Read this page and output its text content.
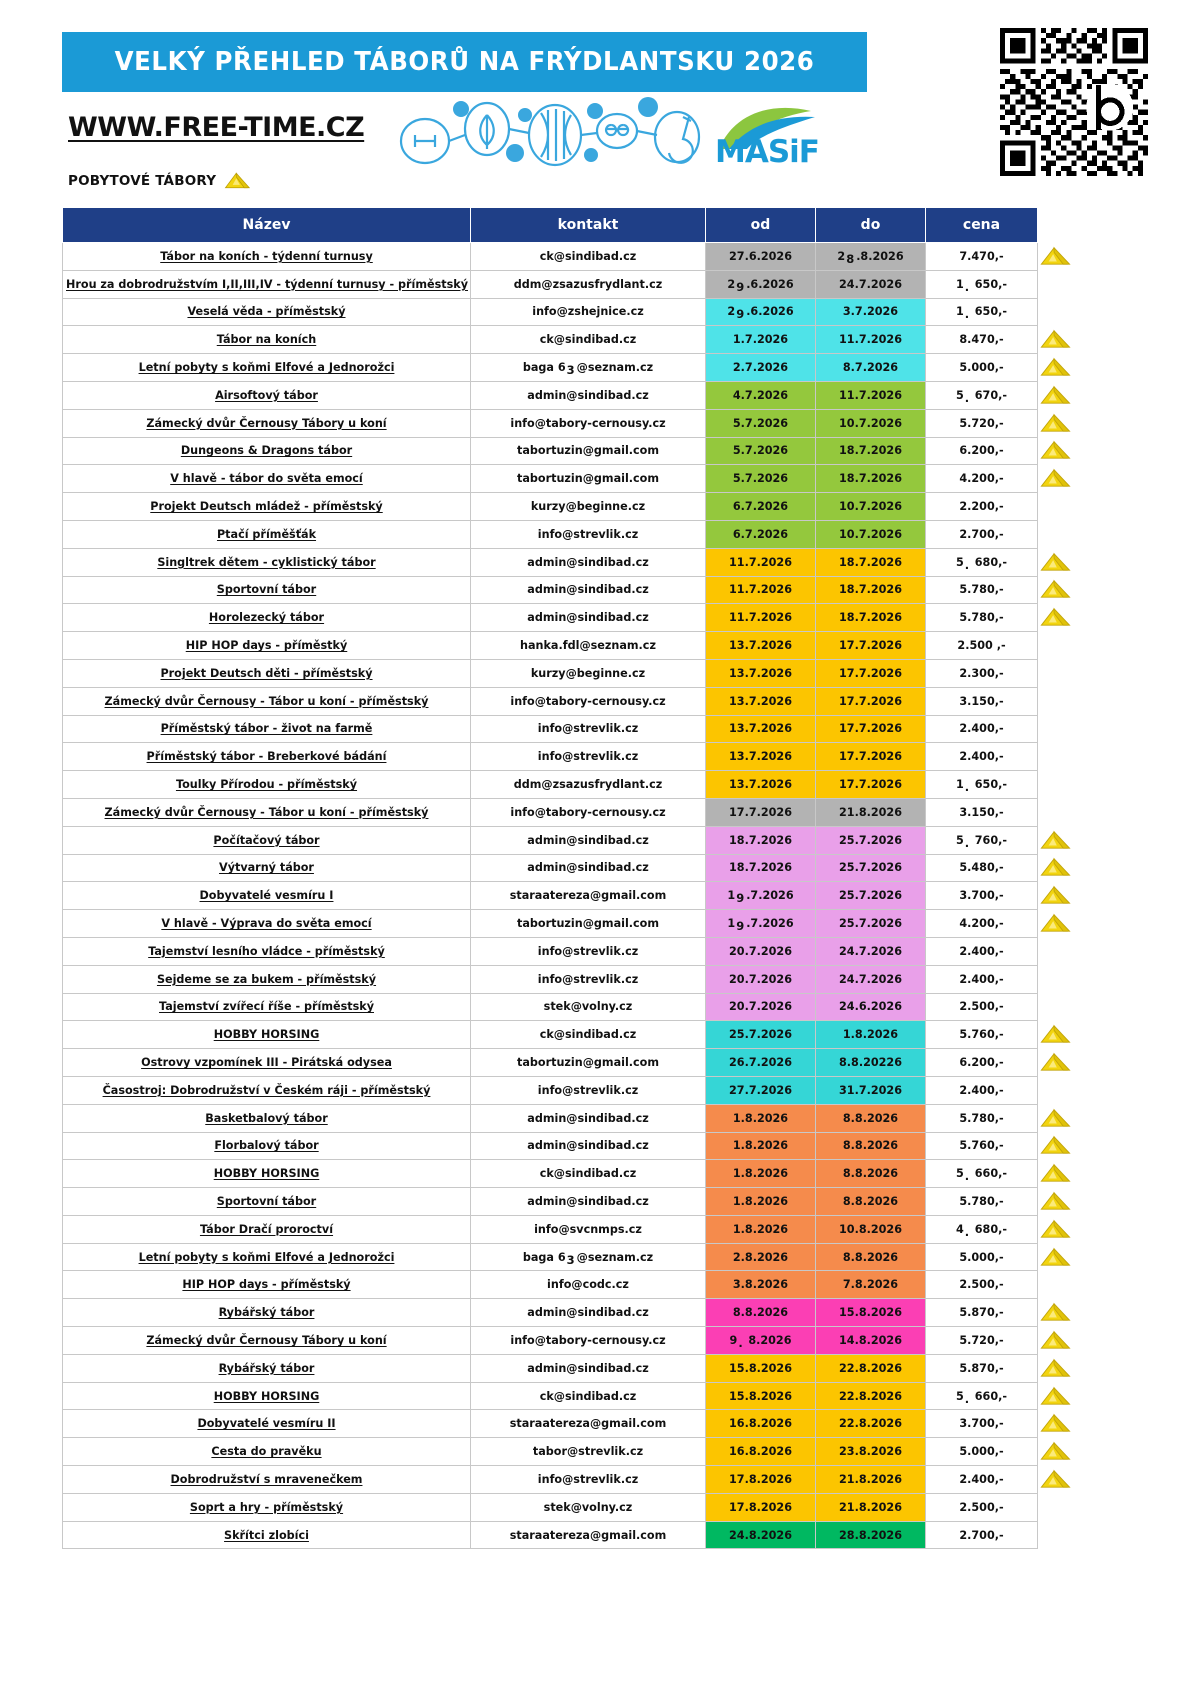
VELKÝ PŘEHLED TÁBORŮ NA FRÝDLANTSKU 2026
WWW.FREE-TIME.CZ
MASiF
POBYTOVÉ TÁBORY
Název	kontakt	od	do	cena
Tábor na koních - týdenní turnusy	ck@sindibad.cz	27.6.2026	2 8 .8.2026	7.470,-
Hrou za dobrodružstvím I,II,III,IV - týdenní turnusy - příměstský	ddm@zsazusfrydlant.cz	2 9 .6.2026	24.7.2026	1 . 650,-
Veselá věda - příměstský	info@zshejnice.cz	2 9 .6.2026	3.7.2026	1 . 650,-
Tábor na koních	ck@sindibad.cz	1.7.2026	11.7.2026	8.470,-
Letní pobyty s koňmi Elfové a Jednorožci	baga 6 3 @seznam.cz	2.7.2026	8.7.2026	5.000,-
Airsoftový tábor	admin@sindibad.cz	4.7.2026	11.7.2026	5 . 670,-
Zámecký dvůr Černousy Tábory u koní	info@tabory-cernousy.cz	5.7.2026	10.7.2026	5.720,-
Dungeons & Dragons tábor	tabortuzin@gmail.com	5.7.2026	18.7.2026	6.200,-
V hlavě - tábor do světa emocí	tabortuzin@gmail.com	5.7.2026	18.7.2026	4.200,-
Projekt Deutsch mládež - příměstský	kurzy@beginne.cz	6.7.2026	10.7.2026	2.200,-
Ptačí příměšťák	info@strevlik.cz	6.7.2026	10.7.2026	2.700,-
Singltrek dětem - cyklistický tábor	admin@sindibad.cz	11.7.2026	18.7.2026	5 . 680,-
Sportovní tábor	admin@sindibad.cz	11.7.2026	18.7.2026	5.780,-
Horolezecký tábor	admin@sindibad.cz	11.7.2026	18.7.2026	5.780,-
HIP HOP days - příměstký	hanka.fdl@seznam.cz	13.7.2026	17.7.2026	2.500 ,-
Projekt Deutsch děti - příměstský	kurzy@beginne.cz	13.7.2026	17.7.2026	2.300,-
Zámecký dvůr Černousy - Tábor u koní - příměstský	info@tabory-cernousy.cz	13.7.2026	17.7.2026	3.150,-
Příměstský tábor - život na farmě	info@strevlik.cz	13.7.2026	17.7.2026	2.400,-
Příměstský tábor - Breberkové bádání	info@strevlik.cz	13.7.2026	17.7.2026	2.400,-
Toulky Přírodou - příměstský	ddm@zsazusfrydlant.cz	13.7.2026	17.7.2026	1 . 650,-
Zámecký dvůr Černousy - Tábor u koní - příměstský	info@tabory-cernousy.cz	17.7.2026	21.8.2026	3.150,-
Počítačový tábor	admin@sindibad.cz	18.7.2026	25.7.2026	5 . 760,-
Výtvarný tábor	admin@sindibad.cz	18.7.2026	25.7.2026	5.480,-
Dobyvatelé vesmíru I	staraatereza@gmail.com	1 9 .7.2026	25.7.2026	3.700,-
V hlavě - Výprava do světa emocí	tabortuzin@gmail.com	1 9 .7.2026	25.7.2026	4.200,-
Tajemství lesního vládce - příměstský	info@strevlik.cz	20.7.2026	24.7.2026	2.400,-
Sejdeme se za bukem - příměstský	info@strevlik.cz	20.7.2026	24.7.2026	2.400,-
Tajemství zvířecí říše - příměstský	stek@volny.cz	20.7.2026	24.6.2026	2.500,-
HOBBY HORSING	ck@sindibad.cz	25.7.2026	1.8.2026	5.760,-
Ostrovy vzpomínek III - Pirátská odysea	tabortuzin@gmail.com	26.7.2026	8.8.20226	6.200,-
Časostroj: Dobrodružství v Českém ráji - příměstský	info@strevlik.cz	27.7.2026	31.7.2026	2.400,-
Basketbalový tábor	admin@sindibad.cz	1.8.2026	8.8.2026	5.780,-
Florbalový tábor	admin@sindibad.cz	1.8.2026	8.8.2026	5.760,-
HOBBY HORSING	ck@sindibad.cz	1.8.2026	8.8.2026	5 . 660,-
Sportovní tábor	admin@sindibad.cz	1.8.2026	8.8.2026	5.780,-
Tábor Dračí proroctví	info@svcnmps.cz	1.8.2026	10.8.2026	4 . 680,-
Letní pobyty s koňmi Elfové a Jednorožci	baga 6 3 @seznam.cz	2.8.2026	8.8.2026	5.000,-
HIP HOP days - příměstský	info@codc.cz	3.8.2026	7.8.2026	2.500,-
Rybářský tábor	admin@sindibad.cz	8.8.2026	15.8.2026	5.870,-
Zámecký dvůr Černousy Tábory u koní	info@tabory-cernousy.cz	9 . 8.2026	14.8.2026	5.720,-
Rybářský tábor	admin@sindibad.cz	15.8.2026	22.8.2026	5.870,-
HOBBY HORSING	ck@sindibad.cz	15.8.2026	22.8.2026	5 . 660,-
Dobyvatelé vesmíru II	staraatereza@gmail.com	16.8.2026	22.8.2026	3.700,-
Cesta do pravěku	tabor@strevlik.cz	16.8.2026	23.8.2026	5.000,-
Dobrodružství s mravenečkem	info@strevlik.cz	17.8.2026	21.8.2026	2.400,-
Soprt a hry - příměstský	stek@volny.cz	17.8.2026	21.8.2026	2.500,-
Skřítci zlobíci	staraatereza@gmail.com	24.8.2026	28.8.2026	2.700,-
